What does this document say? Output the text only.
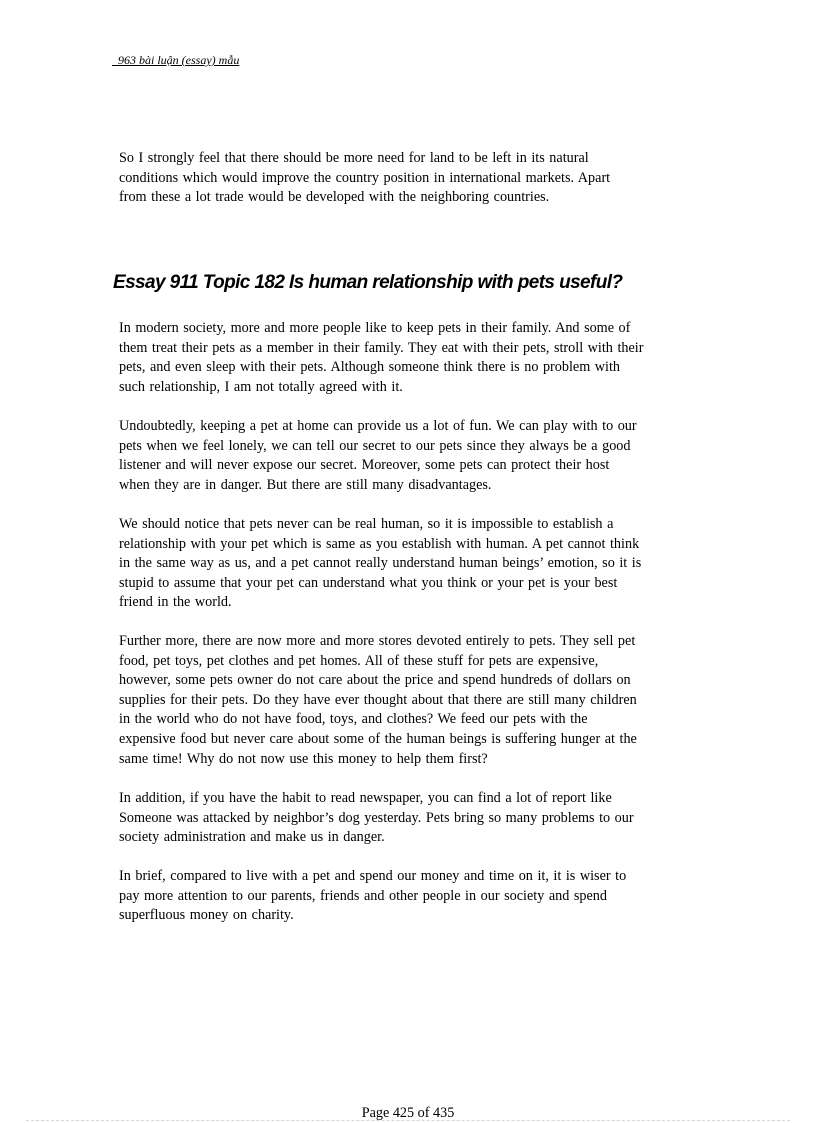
963 bài luận (essay) mẫu
So I strongly feel that there should be more need for land to be left in its natural
conditions which would improve the country position in international markets. Apart
from these a lot trade would be developed with the neighboring countries.
Essay 911 Topic 182 Is human relationship with pets useful?
In modern society, more and more people like to keep pets in their family. And some of
them treat their pets as a member in their family. They eat with their pets, stroll with their
pets, and even sleep with their pets. Although someone think there is no problem with
such relationship, I am not totally agreed with it.
Undoubtedly, keeping a pet at home can provide us a lot of fun. We can play with to our
pets when we feel lonely, we can tell our secret to our pets since they always be a good
listener and will never expose our secret. Moreover, some pets can protect their host
when they are in danger. But there are still many disadvantages.
We should notice that pets never can be real human, so it is impossible to establish a
relationship with your pet which is same as you establish with human. A pet cannot think
in the same way as us, and a pet cannot really understand human beings’ emotion, so it is
stupid to assume that your pet can understand what you think or your pet is your best
friend in the world.
Further more, there are now more and more stores devoted entirely to pets. They sell pet
food, pet toys, pet clothes and pet homes. All of these stuff for pets are expensive,
however, some pets owner do not care about the price and spend hundreds of dollars on
supplies for their pets. Do they have ever thought about that there are still many children
in the world who do not have food, toys, and clothes? We feed our pets with the
expensive food but never care about some of the human beings is suffering hunger at the
same time! Why do not now use this money to help them first?
In addition, if you have the habit to read newspaper, you can find a lot of report like
Someone was attacked by neighbor’s dog yesterday. Pets bring so many problems to our
society administration and make us in danger.
In brief, compared to live with a pet and spend our money and time on it, it is wiser to
pay more attention to our parents, friends and other people in our society and spend
superfluous money on charity.
Page 425 of 435
